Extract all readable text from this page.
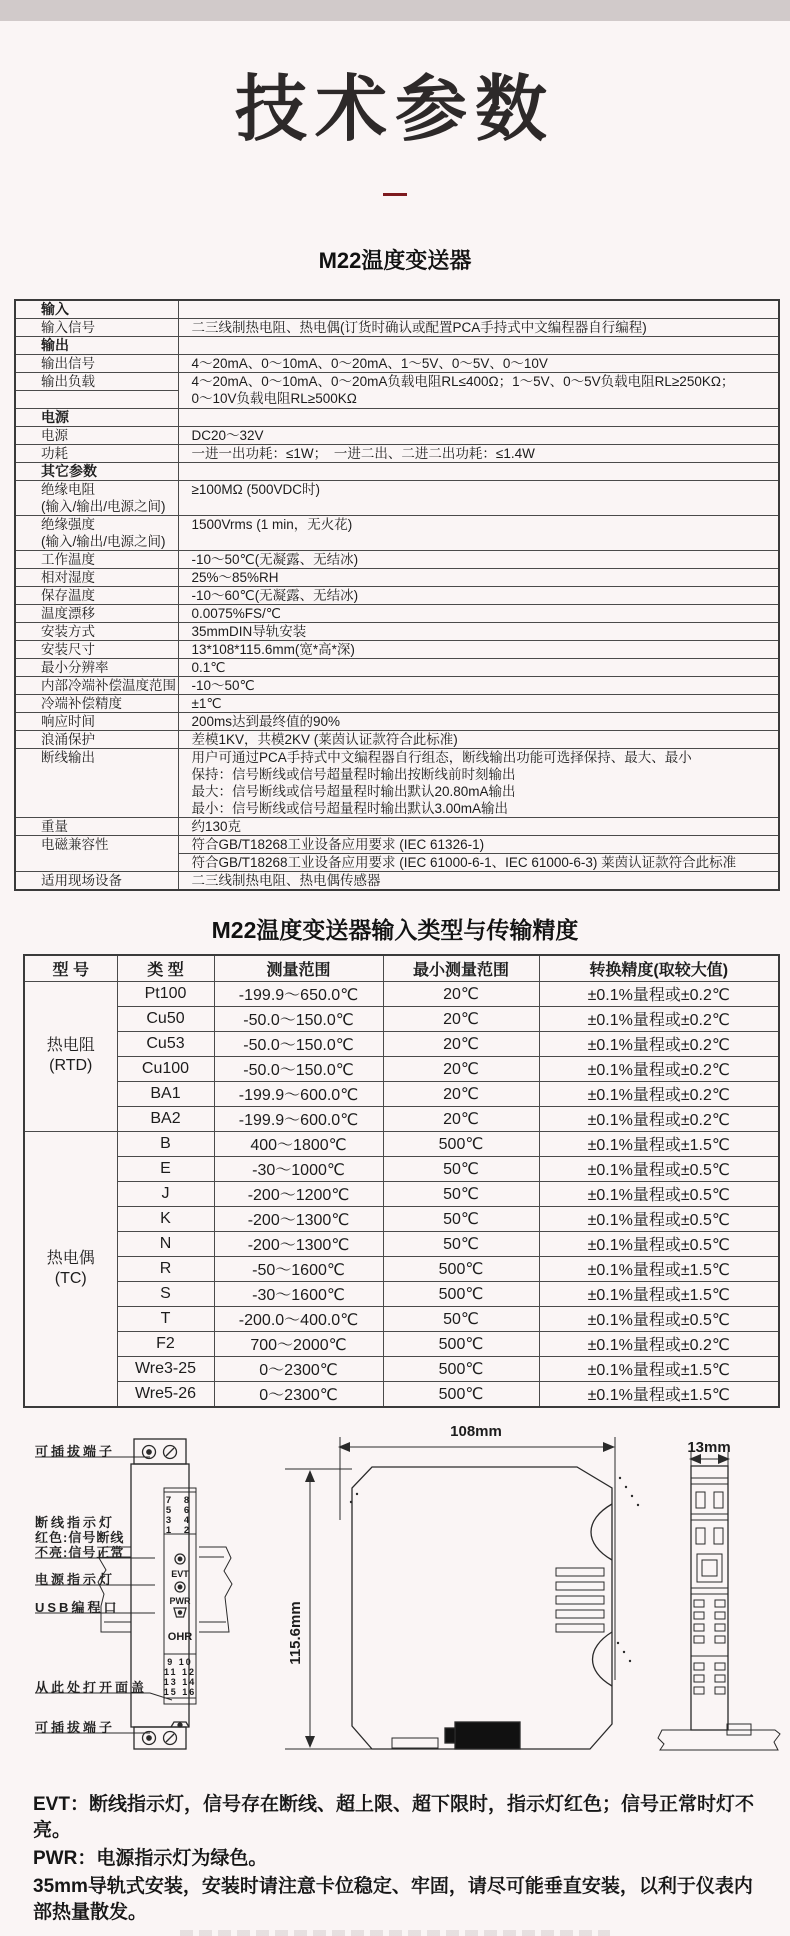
技术参数
M22温度变送器
输入	

输入信号	二三线制热电阻、热电偶(订货时确认或配置PCA手持式中文编程器自行编程)

输出	

输出信号	4～20mA、0～10mA、0～20mA、1～5V、0～5V、0～10V

输出负载	4～20mA、0～10mA、0～20mA负载电阻RL≤400Ω；1～5V、0～5V负载电阻RL≥250KΩ；
0～10V负载电阻RL≥500KΩ

电源	

电源	DC20～32V

功耗	一进一出功耗：≤1W；　一进二出、二进二出功耗：≤1.4W

其它参数	

绝缘电阻
(输入/输出/电源之间)	≥100MΩ (500VDC时)

绝缘强度
(输入/输出/电源之间)	1500Vrms (1 min，无火花)

工作温度	-10～50℃(无凝露、无结冰)

相对湿度	25%～85%RH

保存温度	-10～60℃(无凝露、无结冰)

温度漂移	0.0075%FS/℃

安装方式	35mmDIN导轨安装

安装尺寸	13*108*115.6mm(宽*高*深)

最小分辨率	0.1℃

内部冷端补偿温度范围	-10～50℃

冷端补偿精度	±1℃

响应时间	200ms达到最终值的90%

浪涌保护	差模1KV，共模2KV (莱茵认证款符合此标准)

断线输出	用户可通过PCA手持式中文编程器自行组态，断线输出功能可选择保持、最大、最小
保持：信号断线或信号超量程时输出按断线前时刻输出
最大：信号断线或信号超量程时输出默认20.80mA输出
最小：信号断线或信号超量程时输出默认3.00mA输出

重量	约130克

电磁兼容性	符合GB/T18268工业设备应用要求 (IEC 61326-1)

	符合GB/T18268工业设备应用要求 (IEC 61000-6-1、IEC 61000-6-3) 莱茵认证款符合此标准

适用现场设备	二三线制热电阻、热电偶传感器
M22温度变送器输入类型与传输精度
型 号	类 型	测量范围	最小测量范围	转换精度(取较大值)

热电阻
(RTD)	Pt100	-199.9～650.0℃	20℃	±0.1%量程或±0.2℃
	Cu50	-50.0～150.0℃	20℃	±0.1%量程或±0.2℃
	Cu53	-50.0～150.0℃	20℃	±0.1%量程或±0.2℃
	Cu100	-50.0～150.0℃	20℃	±0.1%量程或±0.2℃
	BA1	-199.9～600.0℃	20℃	±0.1%量程或±0.2℃
	BA2	-199.9～600.0℃	20℃	±0.1%量程或±0.2℃

热电偶
(TC)	B	400～1800℃	500℃	±0.1%量程或±1.5℃
	E	-30～1000℃	50℃	±0.1%量程或±0.5℃
	J	-200～1200℃	50℃	±0.1%量程或±0.5℃
	K	-200～1300℃	50℃	±0.1%量程或±0.5℃
	N	-200～1300℃	50℃	±0.1%量程或±0.5℃
	R	-50～1600℃	500℃	±0.1%量程或±1.5℃
	S	-30～1600℃	500℃	±0.1%量程或±1.5℃
	T	-200.0～400.0℃	50℃	±0.1%量程或±0.5℃
	F2	700～2000℃	500℃	±0.1%量程或±0.2℃
	Wre3-25	0～2300℃	500℃	±0.1%量程或±1.5℃
	Wre5-26	0～2300℃	500℃	±0.1%量程或±1.5℃
108mm
115.6mm
13mm
7 8
5 6
3 4
1 2
9 10
11 12
13 14
15 16
EVT
PWR
OHR
可插拔端子
断线指示灯
红色:信号断线
不亮:信号正常
电源指示灯
USB编程口
从此处打开面盖
可插拔端子

EVT：断线指示灯，信号存在断线、超上限、超下限时，指示灯红色；信号正常时灯不亮。

PWR：电源指示灯为绿色。

35mm导轨式安装，安装时请注意卡位稳定、牢固，请尽可能垂直安装，以利于仪表内部热量散发。
